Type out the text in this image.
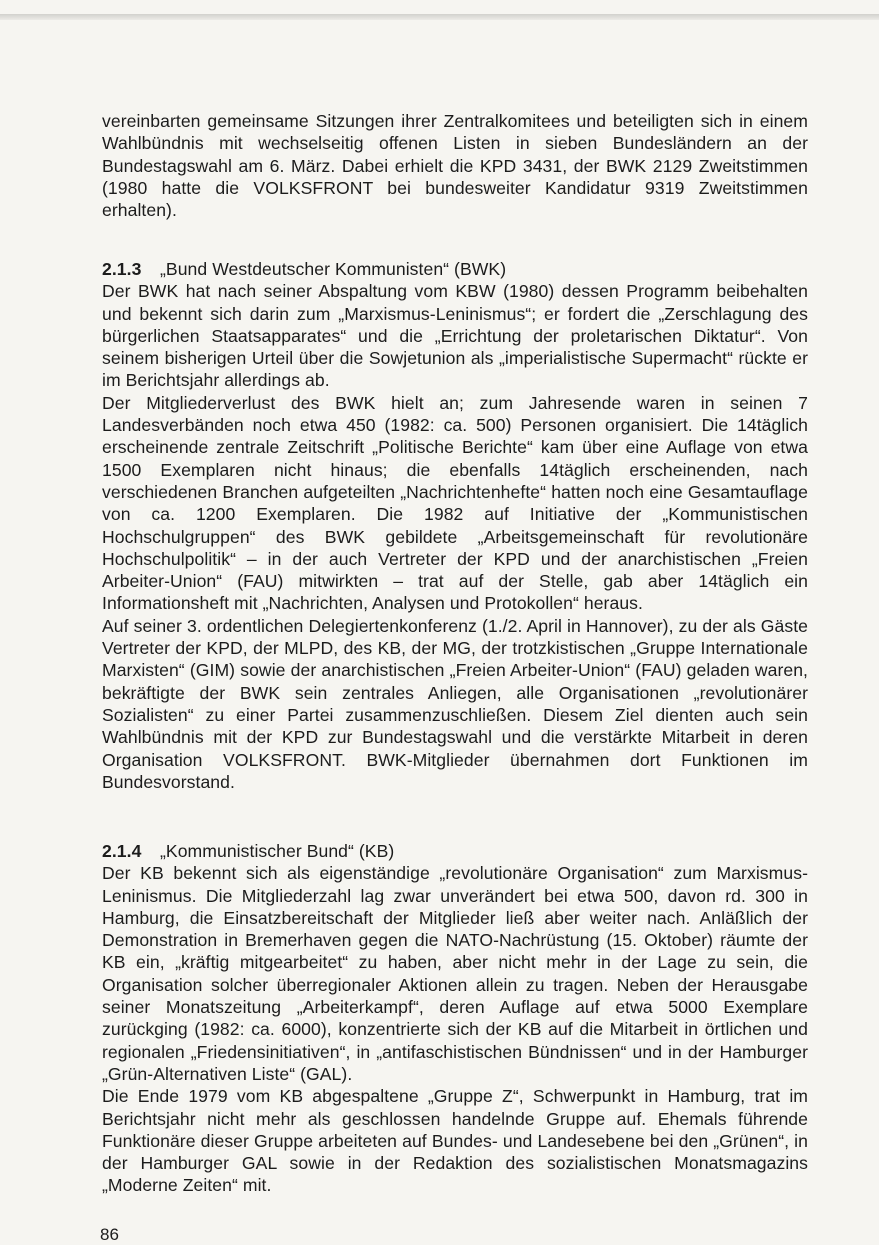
vereinbarten gemeinsame Sitzungen ihrer Zentralkomitees und beteiligten sich in einem Wahlbündnis mit wechselseitig offenen Listen in sieben Bundesländern an der Bundestagswahl am 6. März. Dabei erhielt die KPD 3431, der BWK 2129 Zweitstimmen (1980 hatte die VOLKSFRONT bei bundesweiter Kandidatur 9319 Zweitstimmen erhalten).

2.1.3 „Bund Westdeutscher Kommunisten“ (BWK)

Der BWK hat nach seiner Abspaltung vom KBW (1980) dessen Programm beibehalten und bekennt sich darin zum „Marxismus-Leninismus“; er fordert die „Zerschlagung des bürgerlichen Staatsapparates“ und die „Errichtung der proletarischen Diktatur“. Von seinem bisherigen Urteil über die Sowjetunion als „imperialistische Supermacht“ rückte er im Berichtsjahr allerdings ab.

Der Mitgliederverlust des BWK hielt an; zum Jahresende waren in seinen 7 Landesverbänden noch etwa 450 (1982: ca. 500) Personen organisiert. Die 14täglich erscheinende zentrale Zeitschrift „Politische Berichte“ kam über eine Auflage von etwa 1500 Exemplaren nicht hinaus; die ebenfalls 14täglich erscheinenden, nach verschiedenen Branchen aufgeteilten „Nachrichtenhefte“ hatten noch eine Gesamtauflage von ca. 1200 Exemplaren. Die 1982 auf Initiative der „Kommunistischen Hochschulgruppen“ des BWK gebildete „Arbeitsgemeinschaft für revolutionäre Hochschulpolitik“ – in der auch Vertreter der KPD und der anarchistischen „Freien Arbeiter-Union“ (FAU) mitwirkten – trat auf der Stelle, gab aber 14täglich ein Informationsheft mit „Nachrichten, Analysen und Protokollen“ heraus.

Auf seiner 3. ordentlichen Delegiertenkonferenz (1./2. April in Hannover), zu der als Gäste Vertreter der KPD, der MLPD, des KB, der MG, der trotzkistischen „Gruppe Internationale Marxisten“ (GIM) sowie der anarchistischen „Freien Arbeiter-Union“ (FAU) geladen waren, bekräftigte der BWK sein zentrales Anliegen, alle Organisationen „revolutionärer Sozialisten“ zu einer Partei zusammenzuschließen. Diesem Ziel dienten auch sein Wahlbündnis mit der KPD zur Bundestagswahl und die verstärkte Mitarbeit in deren Organisation VOLKSFRONT. BWK-Mitglieder übernahmen dort Funktionen im Bundesvorstand.

2.1.4 „Kommunistischer Bund“ (KB)

Der KB bekennt sich als eigenständige „revolutionäre Organisation“ zum Marxismus-Leninismus. Die Mitgliederzahl lag zwar unverändert bei etwa 500, davon rd. 300 in Hamburg, die Einsatzbereitschaft der Mitglieder ließ aber weiter nach. Anläßlich der Demonstration in Bremerhaven gegen die NATO-Nachrüstung (15. Oktober) räumte der KB ein, „kräftig mitgearbeitet“ zu haben, aber nicht mehr in der Lage zu sein, die Organisation solcher überregionaler Aktionen allein zu tragen. Neben der Herausgabe seiner Monatszeitung „Arbeiterkampf“, deren Auflage auf etwa 5000 Exemplare zurückging (1982: ca. 6000), konzentrierte sich der KB auf die Mitarbeit in örtlichen und regionalen „Friedensinitiativen“, in „antifaschistischen Bündnissen“ und in der Hamburger „Grün-Alternativen Liste“ (GAL).

Die Ende 1979 vom KB abgespaltene „Gruppe Z“, Schwerpunkt in Hamburg, trat im Berichtsjahr nicht mehr als geschlossen handelnde Gruppe auf. Ehemals führende Funktionäre dieser Gruppe arbeiteten auf Bundes- und Landesebene bei den „Grünen“, in der Hamburger GAL sowie in der Redaktion des sozialistischen Monatsmagazins „Moderne Zeiten“ mit.

86
